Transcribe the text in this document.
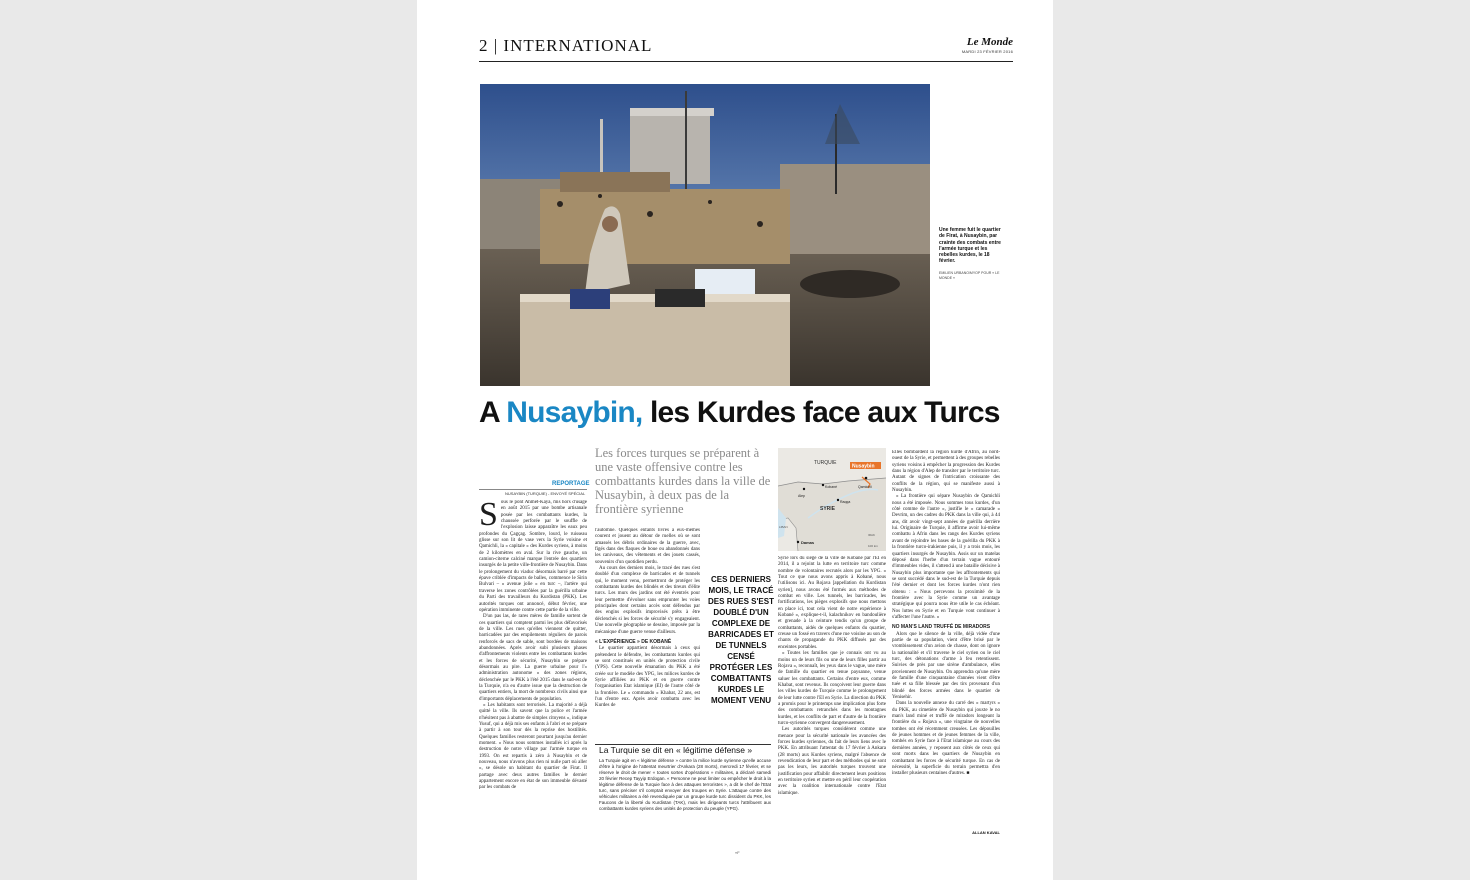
2 | INTERNATIONAL	Le Monde
MARDI 23 FÉVRIER 2016
Une femme fuit le quartier de Firat, à Nusaybin, par crainte des combats entre l'armée turque et les rebelles kurdes, le 18 février.
EMILIEN URBANO/MYOP POUR « LE MONDE »
A Nusaybin, les Kurdes face aux Turcs
Les forces turques se préparent à une vaste offensive contre les combattants kurdes dans la ville de Nusaybin, à deux pas de la frontière syrienne
REPORTAGE
NUSAYBIN (TURQUIE) - ENVOYÉ SPÉCIAL
S ous le pont Ahmet-Kaya, mis hors d'usage en août 2015 par une bombe artisanale posée par les combattants kurdes, la chaussée perforée par le souffle de l'explosion laisse apparaître les eaux peu profondes du Çagçag. Sombre, lourd, le ruisseau glisse sur son lit de vase vers la Syrie voisine et Qamichli, la « capitale » des Kurdes syriens, à moins de 2 kilomètres en aval. Sur la rive gauche, un camion-citerne calciné marque l'entrée des quartiers insurgés de la petite ville-frontière de Nusaybin. Dans le prolongement du viaduc désormais barré par cette épave criblée d'impacts de balles, commence le Sirin Bulvari – « avenue jolie » en turc –, l'artère qui traverse les zones contrôlées par la guérilla urbaine du Parti des travailleurs du Kurdistan (PKK). Les autorités turques ont annoncé, début février, une opération imminente contre cette partie de la ville.

D'un pas las, de rares mères de famille sortent de ces quartiers qui comptent parmi les plus défavorisés de la ville. Les rues qu'elles viennent de quitter, barricadées par des empilements réguliers de parois renforcés de sacs de sable, sont bordées de maisons abandonnées. Après avoir subi plusieurs phases d'affrontements violents entre les combattants kurdes et les forces de sécurité, Nusaybin se prépare désormais au pire. La guerre urbaine pour l'« administration autonome » des zones régions, déclenchée par le PKK à l'été 2015 dans le sud-est de la Turquie, n'a eu d'autre issue que la destruction de quartiers entiers, la mort de nombreux civils ainsi que d'importants déplacements de population.

« Les habitants sont terrorisés. La majorité a déjà quitté la ville. Ils savent que la police et l'armée n'hésitent pas à abattre de simples citoyens », indique Yusuf, qui a déjà mis ses enfants à l'abri et se prépare à partir à son tour dès la reprise des hostilités. Quelques familles resteront pourtant jusqu'au dernier moment. « Nous nous sommes installés ici après la destruction de notre village par l'armée turque en 1993. On est repartis à zéro à Nusaybin et de nouveau, nous n'avons plus rien ni nulle part où aller », se désole un habitant du quartier de Firat. Il partage avec deux autres familles le dernier appartement encore en état de son immeuble dévasté par les combats de

l'automne. Quelques enfants livrés à eux-mêmes courent et jouent au détour de ruelles où se sont amassés les débris ordinaires de la guerre, avec, figés dans des flaques de boue ou abandonnés dans les caniveaux, des vêtements et des jouets cassés, souvenirs d'un quotidien perdu.

Au cours des derniers mois, le tracé des rues s'est doublé d'un complexe de barricades et de tunnels qui, le moment venu, permettront de protéger les combattants kurdes des blindés et des tireurs d'élite turcs. Les murs des jardins ont été éventrés pour leur permettre d'évoluer sans emprunter les voies principales dont certains accès sont défendus par des engins explosifs improvisés prêts à être déclenchés si les forces de sécurité s'y engageaient. Une nouvelle géographie se dessine, imposée par la mécanique d'une guerre venue d'ailleurs.

« L'EXPÉRIENCE » DE KOBANÉ

Le quartier appartient désormais à ceux qui prétendent le défendre, les combattants kurdes qui se sont constitués en unités de protection civile (YPS). Cette nouvelle émanation du PKK a été créée sur le modèle des YPG, les milices kurdes de Syrie affiliées au PKK et en guerre contre l'organisation Etat islamique (EI) de l'autre côté de la frontière. Le « commando » Khabat, 22 ans, est l'un d'entre eux. Après avoir combattu avec les Kurdes de

CES DERNIERS MOIS, LE TRACÉ DES RUES S'EST DOUBLÉ D'UN COMPLEXE DE BARRICADES ET DE TUNNELS CENSÉ PROTÉGER LES COMBATTANTS KURDES LE MOMENT VENU
Nusaybin
TURQUIE
SYRIE
Alep
Kobané	Qamichli
Raqqa
Damas
LIBAN
IRAK
100 km

Syrie lors du siège de la ville de Kobané par l'EI en 2014, il a rejoint la lutte en territoire turc comme nombre de volontaires recrutés alors par les YPG. « Tout ce que nous avons appris à Kobané, nous l'utilisons ici. Au Rojava [appellation du Kurdistan syrien], nous avons été formés aux méthodes de combat en ville. Les tunnels, les barricades, les fortifications, les pièges explosifs que nous mettons en place ici, tout cela vient de notre expérience à Kobané », explique-t-il, kalachnikov en bandoulière et grenade à la ceinture tendis qu'un groupe de combattants, aidés de quelques enfants du quartier, creuse un fossé en travers d'une rue voisine au son de chants de propagande du PKK diffusés par des enceintes portables.

« Toutes les familles que je connais ont vu au moins un de leurs fils ou une de leurs filles partir au Rojava », reconnaît, les yeux dans le vague, une mère de famille du quartier en tenue paysanne, venue saluer les combattants. Certains d'entre eux, comme Khabat, sont revenus. Ils conçoivent leur guerre dans les villes kurdes de Turquie comme le prolongement de leur lutte contre l'EI en Syrie. La direction du PKK a promis pour le printemps une implication plus forte des combattants retranchés dans les montagnes kurdes, et les conflits de part et d'autre de la frontière turco-syrienne convergent dangereusement.

Les autorités turques considèrent comme une menace pour la sécurité nationale les avancées des forces kurdes syriennes, du fait de leurs liens avec le PKK. En attribuant l'attentat du 17 février à Ankara (28 morts) aux Kurdes syriens, malgré l'absence de revendication de leur part et des méthodes qui ne sont pas les leurs, les autorités turques trouvent une justification pour affaiblir directement leurs positions en territoire syrien et mettre en péril leur coopération avec la coalition internationale contre l'Etat islamique.

Elles bombardent la région kurde d'Afrin, au nord-ouest de la Syrie, et permettent à des groupes rebelles syriens voisins à empêcher la progression des Kurdes dans la région d'Alep de transiter par le territoire turc. Autant de signes de l'intrication croissante des conflits de la région, qui se manifeste aussi à Nusaybin.

« La frontière qui sépare Nusaybin de Qamichli nous a été imposée. Nous sommes tous kurdes, d'un côté comme de l'autre », justifie le « camarade » Devrim, un des cadres du PKK dans la ville qui, à 44 ans, dit avoir vingt-sept années de guérilla derrière lui. Originaire de Turquie, il affirme avoir lui-même combattu à Afrin dans les rangs des Kurdes syriens avant de rejoindre les bases de la guérilla du PKK à la frontière turco-irakienne puis, il y a trois mois, les quartiers insurgés de Nusaybin. Assis sur un matelas déposé dans l'herbe d'un terrain vague entouré d'immeubles vides, il s'attend à une bataille décisive à Nusaybin plus importante que les affrontements qui se sont succédé dans le sud-est de la Turquie depuis l'été dernier et dont les forces kurdes n'ont rien obtenu : « Nous percevons la proximité de la frontière avec la Syrie comme un avantage stratégique qui pourra nous être utile le cas échéant. Nos luttes en Syrie et en Turquie vont continuer à s'affecter l'une l'autre. »

NO MAN'S LAND TRUFFÉ DE MIRADORS

Alors que le silence de la ville, déjà vidée d'une partie de sa population, vient d'être brisé par le vrombissement d'un avion de chasse, dont on ignore la nationalité et s'il traverse le ciel syrien ou le ciel turc, des détonations d'arme à feu retentissent. Suivies de près par une sirène d'ambulance, elles proviennent de Nusaybin. On apprendra qu'une mère de famille d'une cinquantaine d'années vient d'être tuée et sa fille blessée par des tirs provenant d'un blindé des forces armées dans le quartier de Yenisehir.

Dans la nouvelle annexe du carré des « martyrs » du PKK, au cimetière de Nusaybin qui jouxte le no man's land miné et truffé de miradors longeant la frontière du « Rojava », une vingtaine de nouvelles tombes ont été récemment creusées. Les dépouilles de jeunes hommes et de jeunes femmes de la ville, tombés en Syrie face à l'Etat islamique au cours des dernières années, y reposent aux côtés de ceux qui sont morts dans les quartiers de Nusaybin en combattant les forces de sécurité turque. En cas de nécessité, la superficie du terrain permettra d'en installer plusieurs centaines d'autres. ■

ALLAN KAVAL
La Turquie se dit en « légitime défense »

La Turquie agit en « légitime défense » contre la milice kurde syrienne qu'elle accuse d'être à l'origine de l'attentat meurtrier d'Ankara (28 morts), mercredi 17 février, et se réserve le droit de mener « toutes sortes d'opérations » militaires, a déclaré samedi 20 février Recep Tayyip Erdogan. « Personne ne peut limiter ou empêcher le droit à la légitime défense de la Turquie face à des attaques terroristes », a dit le chef de l'Etat turc, sans préciser s'il comptait envoyer des troupes en Syrie. L'attaque contre des véhicules militaires a été revendiquée par un groupe kurde turc dissident du PKK, les Faucons de la liberté du Kurdistan (TAK), mais les dirigeants turcs l'attribuent aux combattants kurdes syriens des unités de protection du peuple (YPG).

«F
